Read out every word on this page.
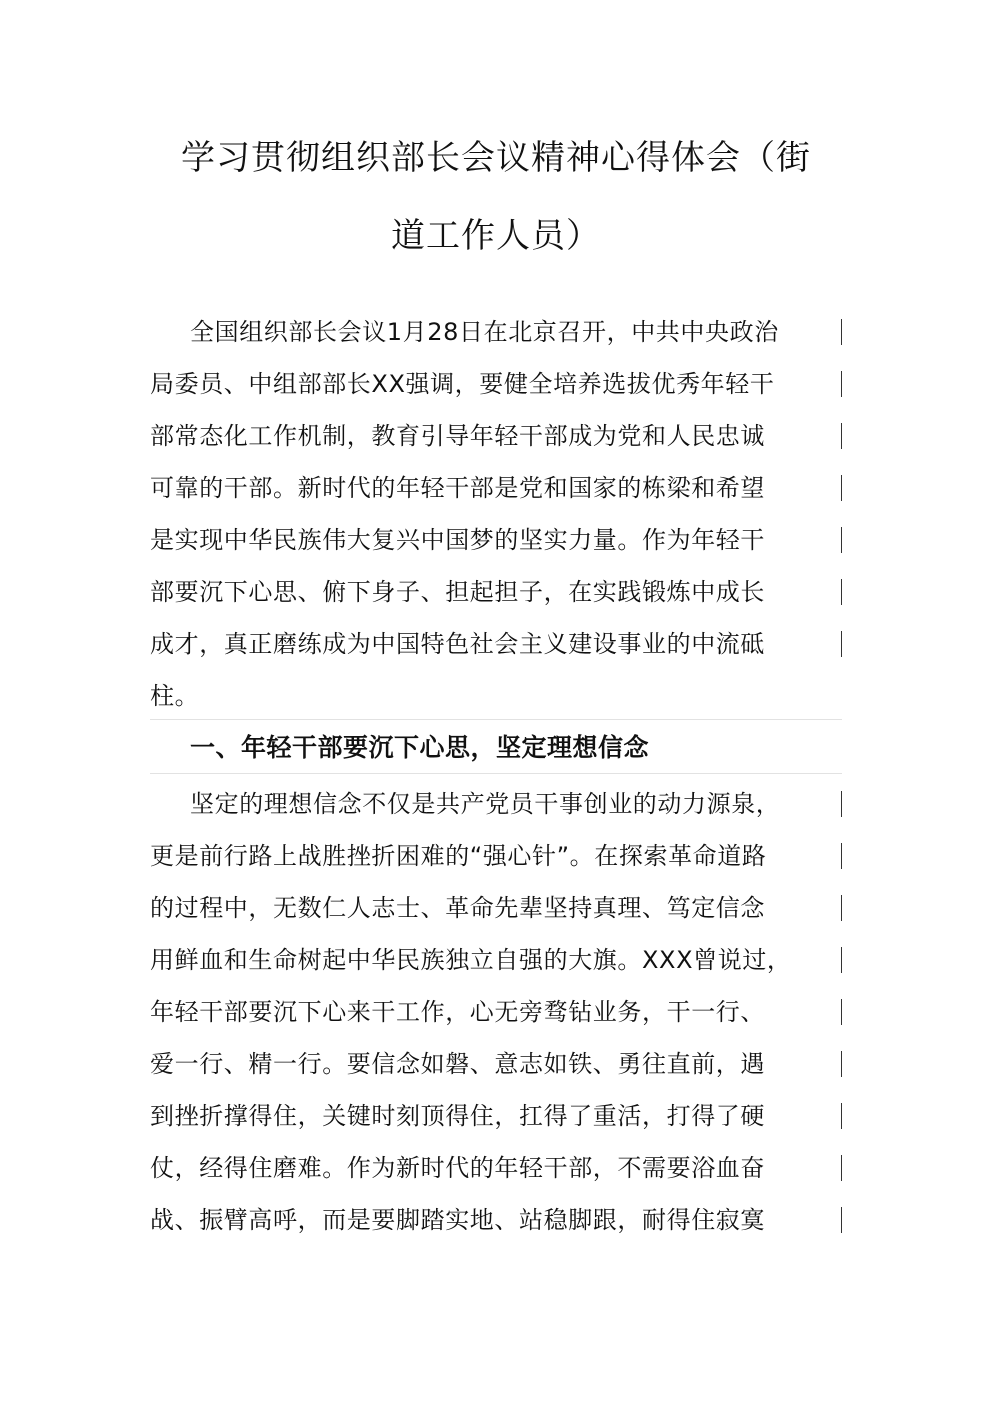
学习贯彻组织部长会议精神心得体会（街
道工作人员）
全国组织部长会议1月28日在北京召开，中共中央政治
局委员、中组部部长XX强调，要健全培养选拔优秀年轻干
部常态化工作机制，教育引导年轻干部成为党和人民忠诚
可靠的干部。新时代的年轻干部是党和国家的栋梁和希望
是实现中华民族伟大复兴中国梦的坚实力量。作为年轻干
部要沉下心思、俯下身子、担起担子，在实践锻炼中成长
成才，真正磨练成为中国特色社会主义建设事业的中流砥
柱。
一、年轻干部要沉下心思，坚定理想信念
坚定的理想信念不仅是共产党员干事创业的动力源泉，
更是前行路上战胜挫折困难的“强心针”。在探索革命道路
的过程中，无数仁人志士、革命先辈坚持真理、笃定信念
用鲜血和生命树起中华民族独立自强的大旗。XXX曾说过，
年轻干部要沉下心来干工作，心无旁骛钻业务，干一行、
爱一行、精一行。要信念如磐、意志如铁、勇往直前，遇
到挫折撑得住，关键时刻顶得住，扛得了重活，打得了硬
仗，经得住磨难。作为新时代的年轻干部，不需要浴血奋
战、振臂高呼，而是要脚踏实地、站稳脚跟，耐得住寂寞
